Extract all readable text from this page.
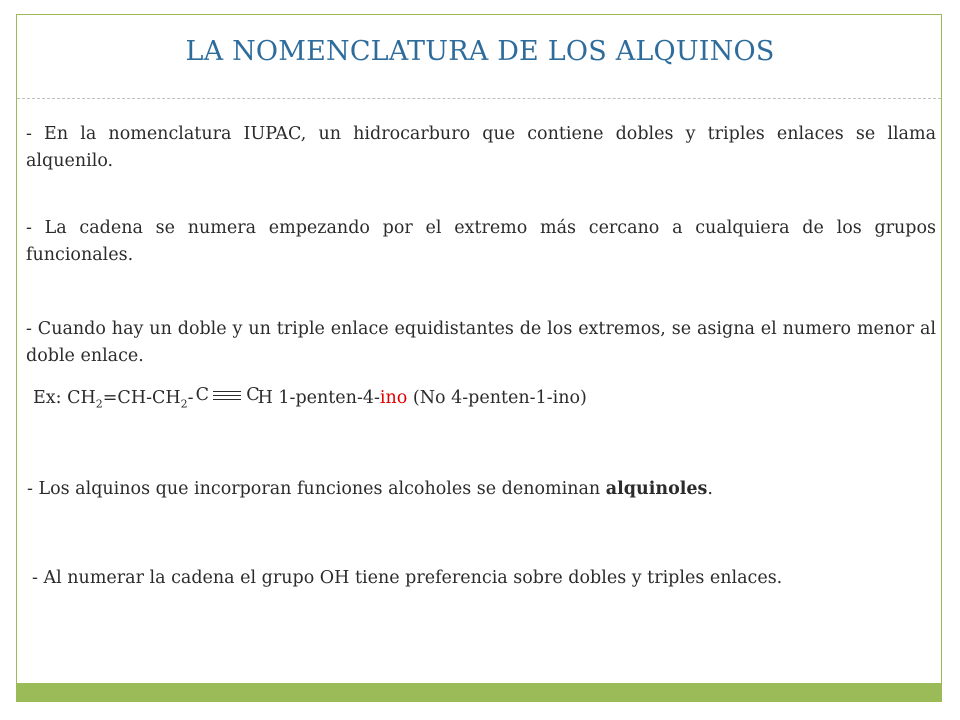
LA NOMENCLATURA DE LOS ALQUINOS
- En la nomenclatura IUPAC, un hidrocarburo que contiene dobles y triples enlaces se llama alquenilo.
- La cadena se numera empezando por el extremo más cercano a cualquiera de los grupos funcionales.
- Cuando hay un doble y un triple enlace equidistantes de los extremos, se asigna el numero menor al doble enlace.
Ex: $CH_2=CH-CH_2-$ C C
H 1-penten-4-ino (No 4-penten-1-ino)
- Los alquinos que incorporan funciones alcoholes se denominan alquinoles.
- Al numerar la cadena el grupo OH tiene preferencia sobre dobles y triples enlaces.
